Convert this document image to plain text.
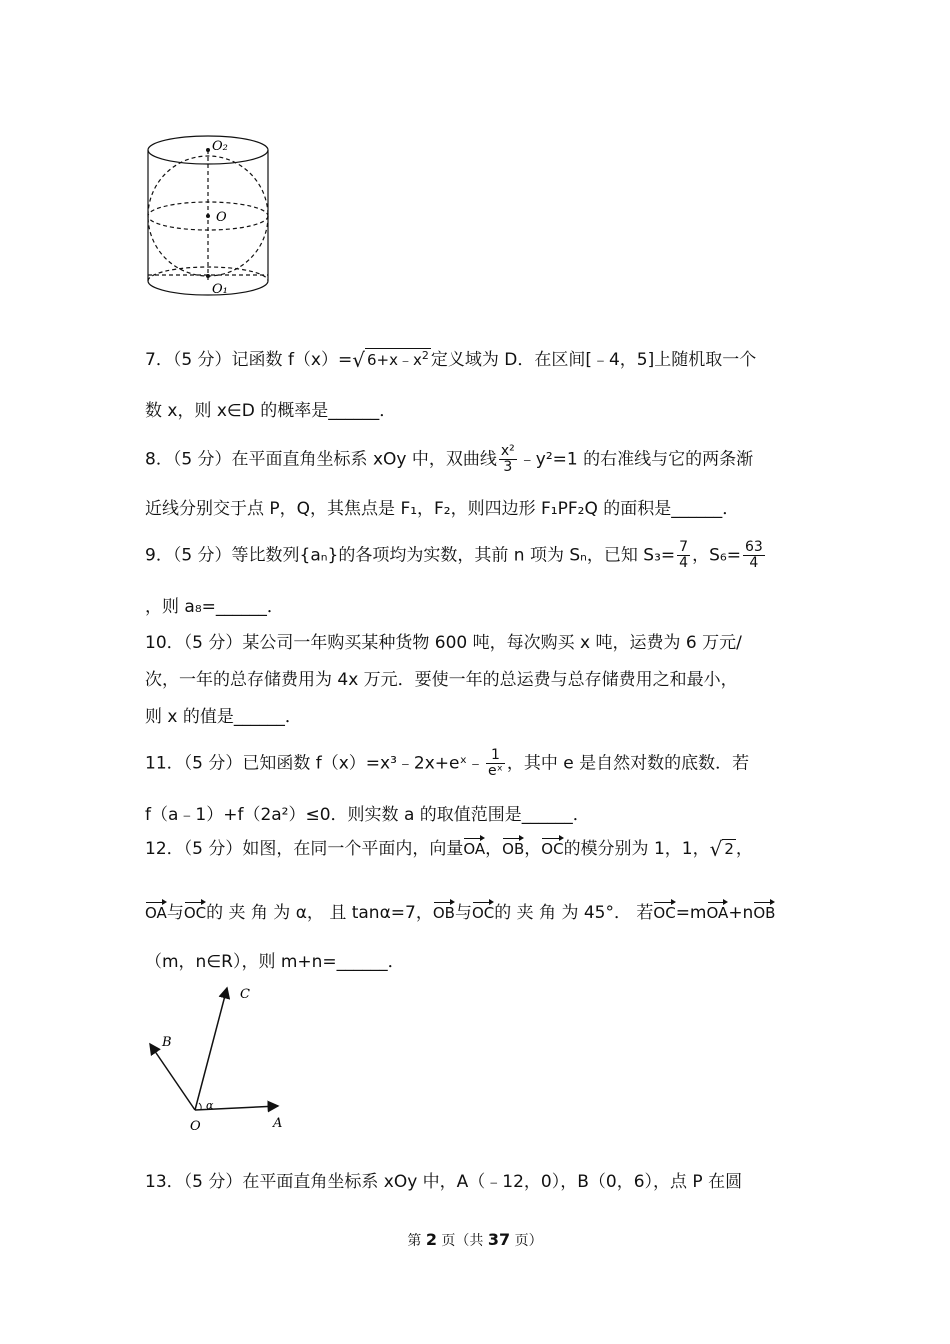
O₂
O
O₁
7．（5 分）记函数 f（x）=√ $6+x﹣x^2$ 定义域为 D．在区间[﹣4，5]上随机取一个
数 x，则 x∈D 的概率是______．
8．（5 分）在平面直角坐标系 xOy 中，双曲线 $\frac{\text{x²}}{3}$ ﹣y²=1 的右准线与它的两条渐
近线分别交于点 P，Q，其焦点是 F₁，F₂，则四边形 F₁PF₂Q 的面积是______．
9．（5 分）等比数列{aₙ}的各项均为实数，其前 n 项为 Sₙ，已知 $S_3= \frac{7}{4}$ ，$S_6= \frac{63}{4}$
，则 a₈=______．
10．（5 分）某公司一年购买某种货物 600 吨，每次购买 x 吨，运费为 6 万元/
次，一年的总存储费用为 4x 万元．要使一年的总运费与总存储费用之和最小，
则 x 的值是______．
11．（5 分）已知函数 f（x）=x³﹣2x+eˣ﹣ $\frac{1}{\text{eˣ}}$ ，其中 e 是自然对数的底数．若
f（a﹣1）+f（2a²）≤0．则实数 a 的取值范围是______．
12．（5 分）如图，在同一个平面内，向量OA，OB，OC的模分别为 1，1，√ 2 ，
OA与OC的 夹 角 为 α， 且 tanα=7，OB与OC的 夹 角 为 45°． 若OC=mOA+nOB
（m，n∈R），则 m+n=______．
C
B
α
O	A
13．（5 分）在平面直角坐标系 xOy 中，A（﹣12，0），B（0，6），点 P 在圆
第 2 页（共 37 页）
